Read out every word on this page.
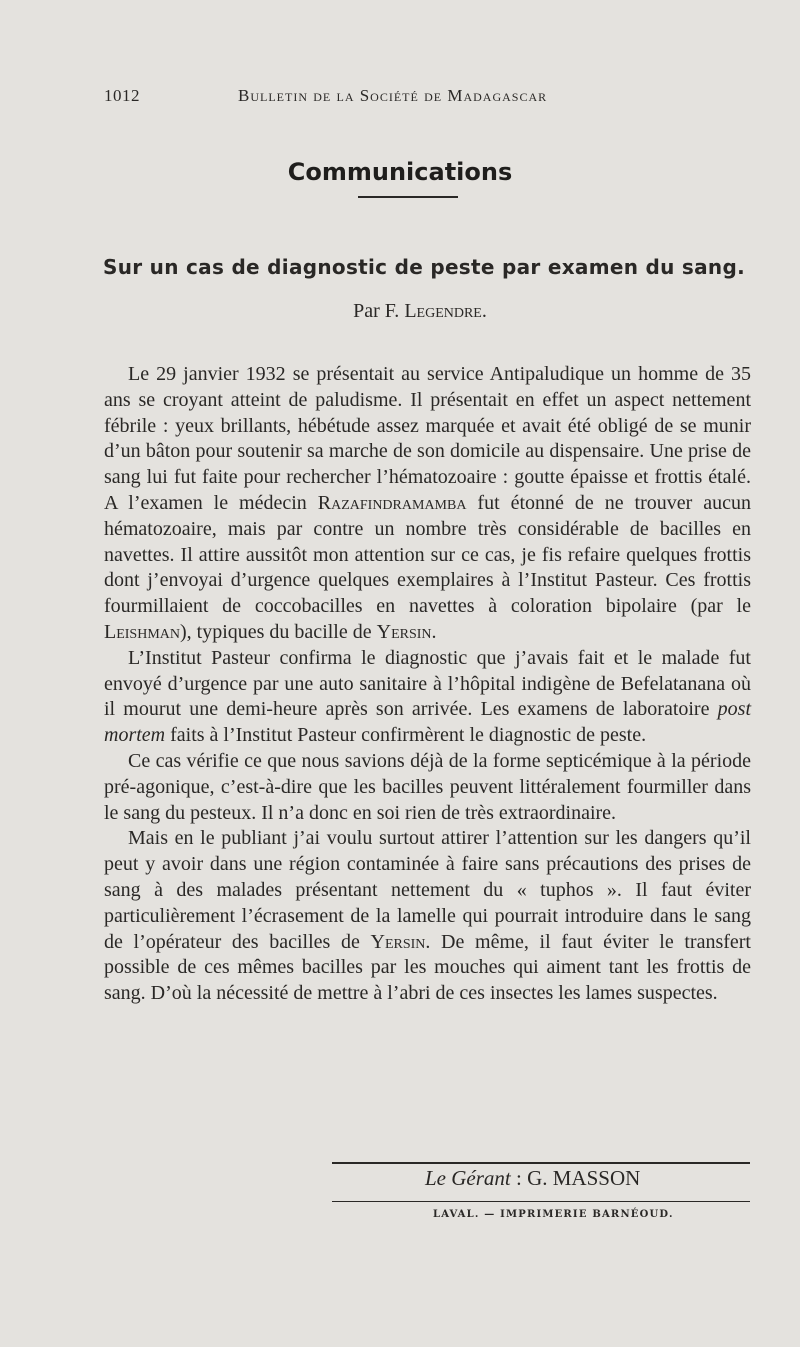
1012	Bulletin de la Société de Madagascar
Communications
Sur un cas de diagnostic de peste par examen du sang.
Par F. Legendre.

Le 29 janvier 1932 se présentait au service Antipaludique un homme de 35 ans se croyant atteint de paludisme. Il présentait en effet un aspect nettement fébrile : yeux brillants, hébétude assez marquée et avait été obligé de se munir d’un bâton pour soutenir sa marche de son domicile au dispensaire. Une prise de sang lui fut faite pour rechercher l’hématozoaire : goutte épaisse et frottis étalé. A l’examen le médecin Razafindramamba fut étonné de ne trouver aucun hématozoaire, mais par contre un nombre très considérable de bacilles en navettes. Il attire aussitôt mon attention sur ce cas, je fis refaire quelques frottis dont j’envoyai d’urgence quelques exemplaires à l’Institut Pasteur. Ces frottis fourmillaient de coccobacilles en navettes à coloration bipolaire (par le Leishman), typiques du bacille de Yersin.

L’Institut Pasteur confirma le diagnostic que j’avais fait et le malade fut envoyé d’urgence par une auto sanitaire à l’hôpital indigène de Befelatanana où il mourut une demi-heure après son arrivée. Les examens de laboratoire post mortem faits à l’Institut Pasteur confirmèrent le diagnostic de peste.

Ce cas vérifie ce que nous savions déjà de la forme septicémique à la période pré-agonique, c’est-à-dire que les bacilles peuvent littéralement fourmiller dans le sang du pesteux. Il n’a donc en soi rien de très extraordinaire.

Mais en le publiant j’ai voulu surtout attirer l’attention sur les dangers qu’il peut y avoir dans une région contaminée à faire sans précautions des prises de sang à des malades présentant nettement du « tuphos ». Il faut éviter particulièrement l’écrasement de la lamelle qui pourrait introduire dans le sang de l’opérateur des bacilles de Yersin. De même, il faut éviter le transfert possible de ces mêmes bacilles par les mouches qui aiment tant les frottis de sang. D’où la nécessité de mettre à l’abri de ces insectes les lames suspectes.

Le Gérant : G. MASSON
LAVAL. — IMPRIMERIE BARNÉOUD.
